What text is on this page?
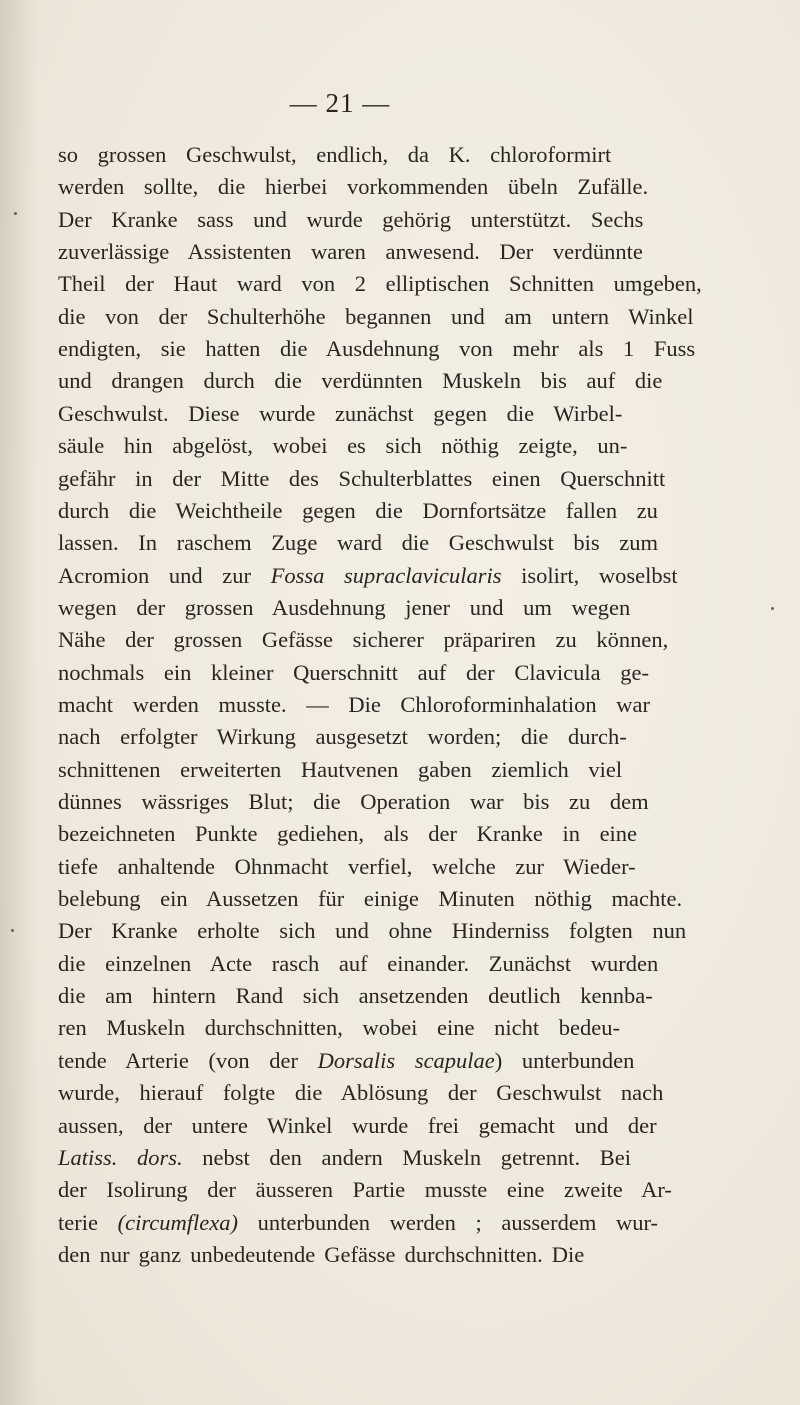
— 21 —
so grossen Geschwulst, endlich, da K. chloroformirt
werden sollte, die hierbei vorkommenden übeln Zufälle.
Der Kranke sass und wurde gehörig unterstützt. Sechs
zuverlässige Assistenten waren anwesend. Der verdünnte
Theil der Haut ward von 2 elliptischen Schnitten umgeben,
die von der Schulterhöhe begannen und am untern Winkel
endigten, sie hatten die Ausdehnung von mehr als 1 Fuss
und drangen durch die verdünnten Muskeln bis auf die
Geschwulst. Diese wurde zunächst gegen die Wirbel-
säule hin abgelöst, wobei es sich nöthig zeigte, un-
gefähr in der Mitte des Schulterblattes einen Querschnitt
durch die Weichtheile gegen die Dornfortsätze fallen zu
lassen. In raschem Zuge ward die Geschwulst bis zum
Acromion und zur Fossa supraclavicularis isolirt, woselbst
wegen der grossen Ausdehnung jener und um wegen
Nähe der grossen Gefässe sicherer präpariren zu können,
nochmals ein kleiner Querschnitt auf der Clavicula ge-
macht werden musste. — Die Chloroforminhalation war
nach erfolgter Wirkung ausgesetzt worden; die durch-
schnittenen erweiterten Hautvenen gaben ziemlich viel
dünnes wässriges Blut; die Operation war bis zu dem
bezeichneten Punkte gediehen, als der Kranke in eine
tiefe anhaltende Ohnmacht verfiel, welche zur Wieder-
belebung ein Aussetzen für einige Minuten nöthig machte.
Der Kranke erholte sich und ohne Hinderniss folgten nun
die einzelnen Acte rasch auf einander. Zunächst wurden
die am hintern Rand sich ansetzenden deutlich kennba-
ren Muskeln durchschnitten, wobei eine nicht bedeu-
tende Arterie (von der Dorsalis scapulae) unterbunden
wurde, hierauf folgte die Ablösung der Geschwulst nach
aussen, der untere Winkel wurde frei gemacht und der
Latiss. dors. nebst den andern Muskeln getrennt. Bei
der Isolirung der äusseren Partie musste eine zweite Ar-
terie (circumflexa) unterbunden werden ; ausserdem wur-
den nur ganz unbedeutende Gefässe durchschnitten. Die
